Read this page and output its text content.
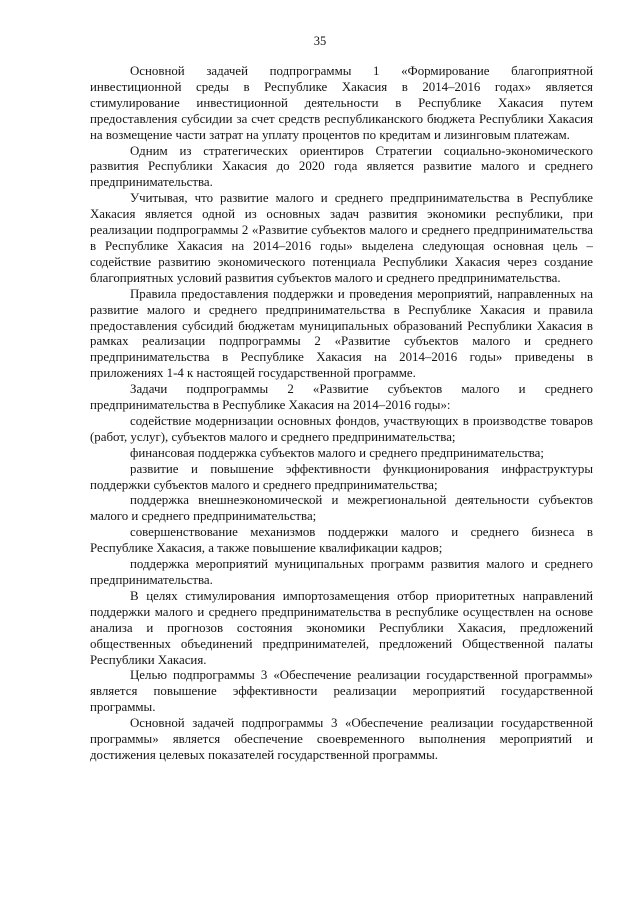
35

Основной задачей подпрограммы 1 «Формирование благоприятной инвестиционной среды в Республике Хакасия в 2014–2016 годах» является стимулирование инвестиционной деятельности в Республике Хакасия путем предоставления субсидии за счет средств республиканского бюджета Республики Хакасия на возмещение части затрат на уплату процентов по кредитам и лизинговым платежам.

Одним из стратегических ориентиров Стратегии социально-экономического развития Республики Хакасия до 2020 года является развитие малого и среднего предпринимательства.

Учитывая, что развитие малого и среднего предпринимательства в Республике Хакасия является одной из основных задач развития экономики республики, при реализации подпрограммы 2 «Развитие субъектов малого и среднего предпринимательства в Республике Хакасия на 2014–2016 годы» выделена следующая основная цель – содействие развитию экономического потенциала Республики Хакасия через создание благоприятных условий развития субъектов малого и среднего предпринимательства.

Правила предоставления поддержки и проведения мероприятий, направленных на развитие малого и среднего предпринимательства в Республике Хакасия и правила предоставления субсидий бюджетам муниципальных образований Республики Хакасия в рамках реализации подпрограммы 2 «Развитие субъектов малого и среднего предпринимательства в Республике Хакасия на 2014–2016 годы» приведены в приложениях 1-4 к настоящей государственной программе.

Задачи подпрограммы 2 «Развитие субъектов малого и среднего предпринимательства в Республике Хакасия на 2014–2016 годы»:

содействие модернизации основных фондов, участвующих в производстве товаров (работ, услуг), субъектов малого и среднего предпринимательства;

финансовая поддержка субъектов малого и среднего предпринимательства;

развитие и повышение эффективности функционирования инфраструктуры поддержки субъектов малого и среднего предпринимательства;

поддержка внешнеэкономической и межрегиональной деятельности субъектов малого и среднего предпринимательства;

совершенствование механизмов поддержки малого и среднего бизнеса в Республике Хакасия, а также повышение квалификации кадров;

поддержка мероприятий муниципальных программ развития малого и среднего предпринимательства.

В целях стимулирования импортозамещения отбор приоритетных направлений поддержки малого и среднего предпринимательства в республике осуществлен на основе анализа и прогнозов состояния экономики Республики Хакасия, предложений общественных объединений предпринимателей, предложений Общественной палаты Республики Хакасия.

Целью подпрограммы 3 «Обеспечение реализации государственной программы» является повышение эффективности реализации мероприятий государственной программы.

Основной задачей подпрограммы 3 «Обеспечение реализации государственной программы» является обеспечение своевременного выполнения мероприятий и достижения целевых показателей государственной программы.
